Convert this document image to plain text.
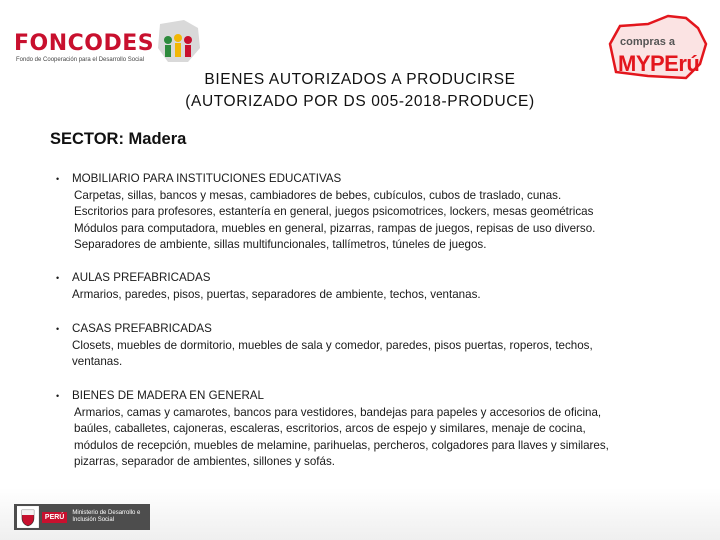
FONCODES
Fondo de Cooperación para el Desarrollo Social
compras a
MYPErú
BIENES AUTORIZADOS A PRODUCIRSE
(AUTORIZADO POR DS 005-2018-PRODUCE)
SECTOR: Madera
• MOBILIARIO PARA INSTITUCIONES EDUCATIVAS
Carpetas, sillas, bancos y mesas, cambiadores de bebes, cubículos, cubos de traslado, cunas.
Escritorios para profesores, estantería en general, juegos psicomotrices, lockers, mesas geométricas
Módulos para computadora, muebles en general, pizarras, rampas de juegos, repisas de uso diverso.
Separadores de ambiente, sillas multifuncionales, tallímetros, túneles de juegos.
• AULAS PREFABRICADAS
Armarios, paredes, pisos, puertas, separadores de ambiente, techos, ventanas.
• CASAS PREFABRICADAS
Closets, muebles de dormitorio, muebles de sala y comedor, paredes, pisos puertas, roperos, techos,
ventanas.
• BIENES DE MADERA EN GENERAL
Armarios, camas y camarotes, bancos para vestidores, bandejas para papeles y accesorios de oficina,
baúles, caballetes, cajoneras, escaleras, escritorios, arcos de espejo y similares, menaje de cocina,
módulos de recepción, muebles de melamine, parihuelas, percheros, colgadores para llaves y similares,
pizarras, separador de ambientes, sillones y sofás.
PERÚ
Ministerio de Desarrollo e Inclusión Social
